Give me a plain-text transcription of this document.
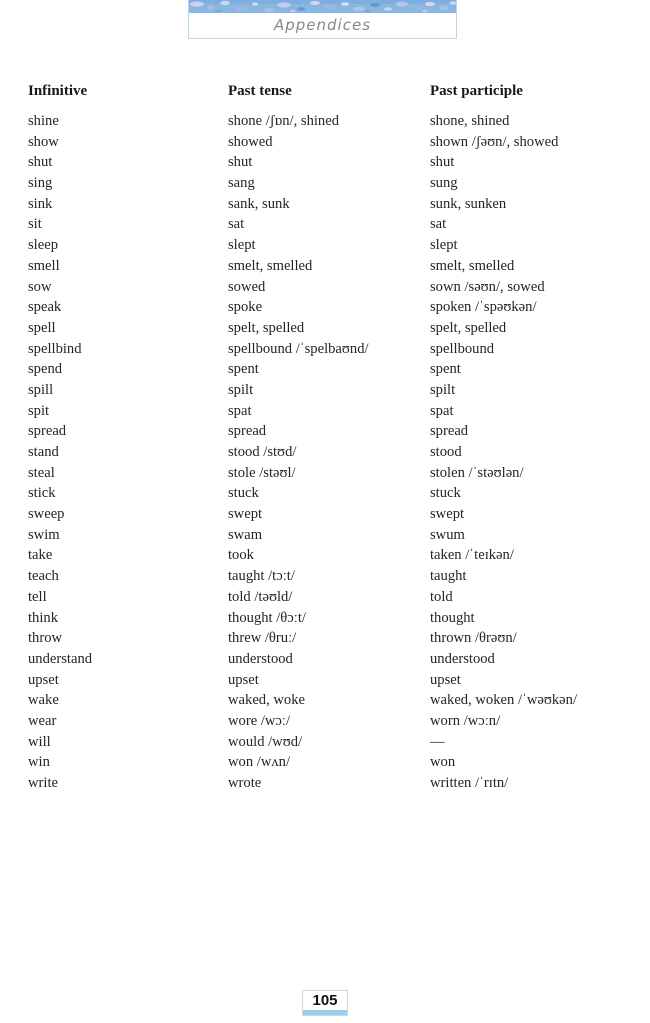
Appendices
Infinitive	Past tense	Past participle
shine	shone /ʃɒn/, shined	shone, shined
show	showed	shown /ʃəʊn/, showed
shut	shut	shut
sing	sang	sung
sink	sank, sunk	sunk, sunken
sit	sat	sat
sleep	slept	slept
smell	smelt, smelled	smelt, smelled
sow	sowed	sown /səʊn/, sowed
speak	spoke	spoken /ˈspəʊkən/
spell	spelt, spelled	spelt, spelled
spellbind	spellbound /ˈspelbaʊnd/	spellbound
spend	spent	spent
spill	spilt	spilt
spit	spat	spat
spread	spread	spread
stand	stood /stʊd/	stood
steal	stole /stəʊl/	stolen /ˈstəʊlən/
stick	stuck	stuck
sweep	swept	swept
swim	swam	swum
take	took	taken /ˈteɪkən/
teach	taught /tɔːt/	taught
tell	told /təʊld/	told
think	thought /θɔːt/	thought
throw	threw /θruː/	thrown /θrəʊn/
understand	understood	understood
upset	upset	upset
wake	waked, woke	waked, woken /ˈwəʊkən/
wear	wore /wɔː/	worn /wɔːn/
will	would /wʊd/	—
win	won /wʌn/	won
write	wrote	written /ˈrɪtn/
105
